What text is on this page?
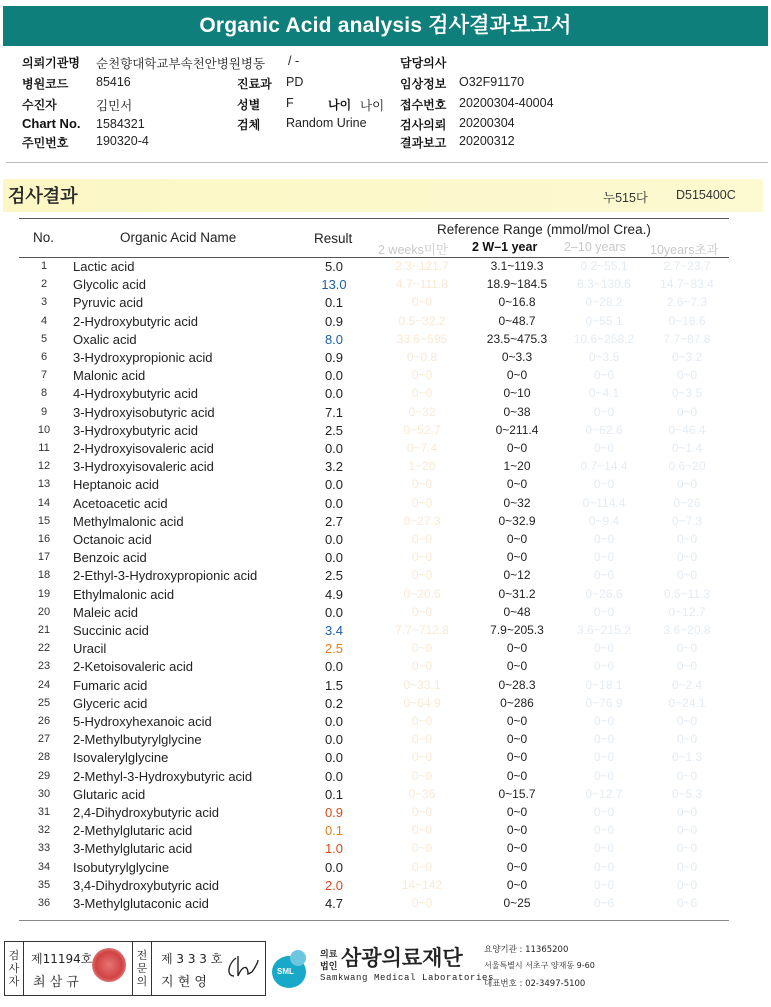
Organic Acid analysis 검사결과보고서
의뢰기관명 순천향대학교부속천안병원병동 / -	담당의사
병원코드 85416	진료과 PD	임상정보 O32F91170
수진자	김민서	성별 F	나이 나이 접수번호 20200304-40004
Chart No. 1584321	검체 Random Urine	검사의뢰 20200304
주민번호 190320-4	결과보고 20200312
검사결과	누515다 D515400C
No.	Organic Acid Name	Result
Reference Range (mmol/mol Crea.)
2 weeks미만 2 W–1 year 2–10 years 10years초과
1	Lactic acid	5.0	2.3~121.7	3.1~119.3	0.2~55.1	2.7~23.7
2	Glycolic acid	13.0	4.7~111.8	18.9~184.5	6.3~130.6	14.7~83.4
3	Pyruvic acid	0.1	0~0	0~16.8	0~28.2	2.6~7.3
4	2-Hydroxybutyric acid	0.9	0.5~32.2	0~48.7	0~55.1	0~16.6
5	Oxalic acid	8.0	33.6~595	23.5~475.3	10.6~258.2	7.7~87.8
6	3-Hydroxypropionic acid	0.9	0~0.8	0~3.3	0~3.5	0~3.2
7	Malonic acid	0.0	0~0	0~0	0~0	0~0
8	4-Hydroxybutyric acid	0.0	0~0	0~10	0~4.1	0~3.5
9	3-Hydroxyisobutyric acid	7.1	0~32	0~38	0~0	0~0
10	3-Hydroxybutyric acid	2.5	0~52.7	0~211.4	0~62.6	0~46.4
11	2-Hydroxyisovaleric acid	0.0	0~7.4	0~0	0~0	0~1.4
12	3-Hydroxyisovaleric acid	3.2	1~20	1~20	0.7~14.4	0.6~20
13	Heptanoic acid	0.0	0~0	0~0	0~0	0~0
14	Acetoacetic acid	0.0	0~0	0~32	0~114.4	0~26
15	Methylmalonic acid	2.7	0~27.3	0~32.9	0~9.4	0~7.3
16	Octanoic acid	0.0	0~0	0~0	0~0	0~0
17	Benzoic acid	0.0	0~0	0~0	0~0	0~0
18	2-Ethyl-3-Hydroxypropionic acid	2.5	0~0	0~12	0~0	0~0
19	Ethylmalonic acid	4.9	0~20.5	0~31.2	0~26.6	0.5~11.3
20	Maleic acid	0.0	0~0	0~48	0~0	0~12.7
21	Succinic acid	3.4	7.7~712.8	7.9~205.3	3.6~215.2	3.6~20.8
22	Uracil	2.5	0~0	0~0	0~0	0~0
23	2-Ketoisovaleric acid	0.0	0~0	0~0	0~0	0~0
24	Fumaric acid	1.5	0~33.1	0~28.3	0~18.1	0~2.4
25	Glyceric acid	0.2	0~64.9	0~286	0~76.9	0~24.1
26	5-Hydroxyhexanoic acid	0.0	0~0	0~0	0~0	0~0
27	2-Methylbutyrylglycine	0.0	0~0	0~0	0~0	0~0
28	Isovalerylglycine	0.0	0~0	0~0	0~0	0~1.3
29	2-Methyl-3-Hydroxybutyric acid	0.0	0~0	0~0	0~0	0~0
30	Glutaric acid	0.1	0~36	0~15.7	0~12.7	0~5.3
31	2,4-Dihydroxybutyric acid	0.9	0~0	0~0	0~0	0~0
32	2-Methylglutaric acid	0.1	0~0	0~0	0~0	0~0
33	3-Methylglutaric acid	1.0	0~0	0~0	0~0	0~0
34	Isobutyrylglycine	0.0	0~0	0~0	0~0	0~0
35	3,4-Dihydroxybutyric acid	2.0	14~142	0~0	0~0	0~0
36	3-Methylglutaconic acid	4.7	0~0	0~25	0~6	0~6
검사자
제11194호
최 삼 규
전문의
제 3 3 3 호
지 현 영
SML
의료
법인 삼광의료재단
Samkwang Medical Laboratories
요양기관 : 11365200
서울특별시 서초구 양재동 9-60
대표번호 : 02-3497-5100
